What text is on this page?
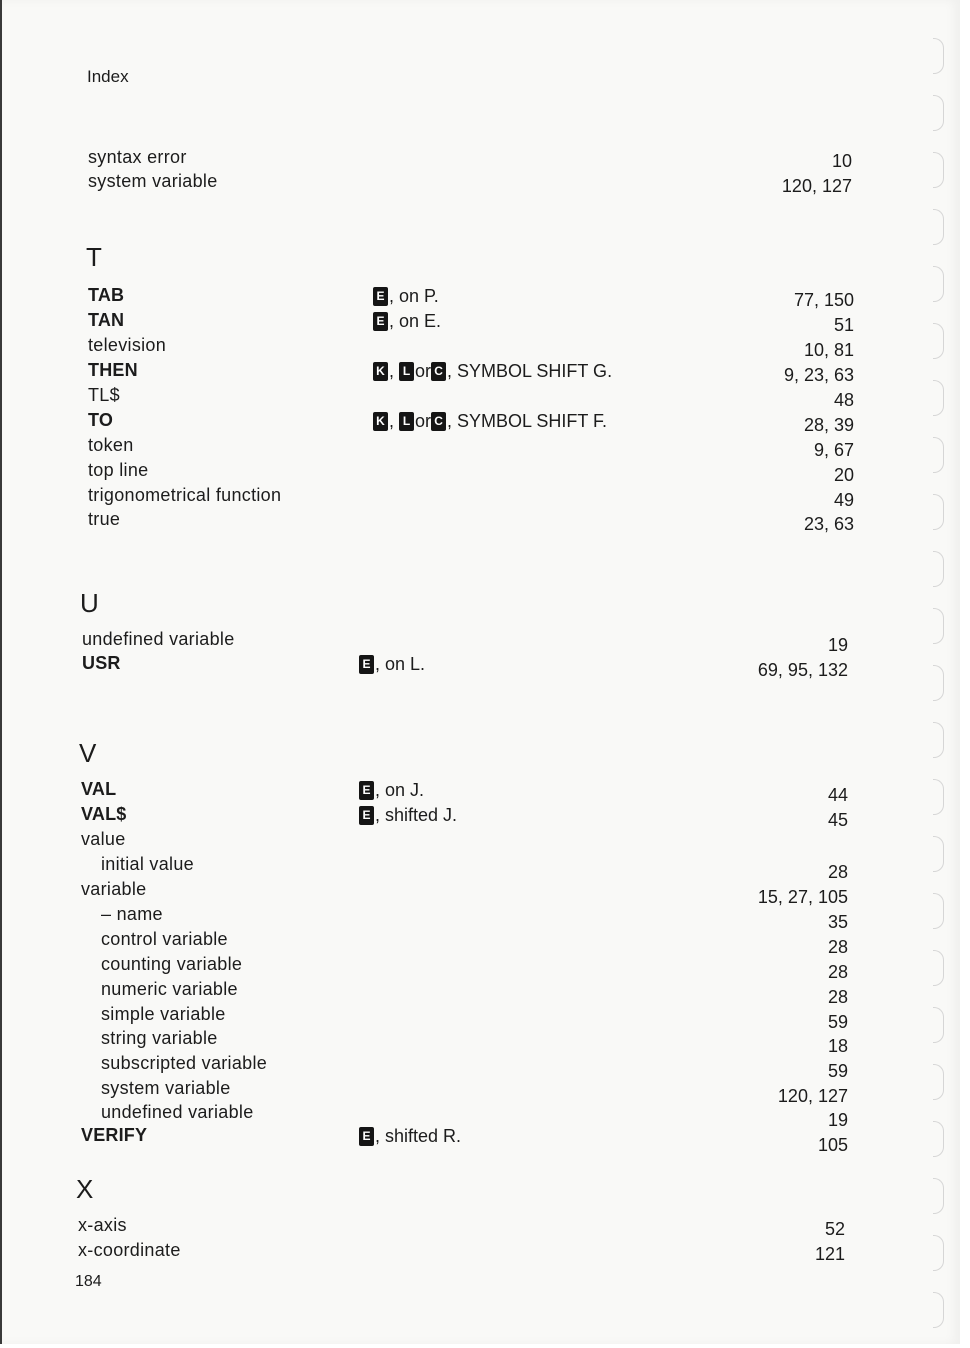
Index
syntax error	10
system variable	120, 127
T
TAB	E , on P.	77, 150
TAN	E , on E.	51
television	10, 81
THEN	K , L or C , SYMBOL SHIFT G.	9, 23, 63
TL$	48
TO	K , L or C , SYMBOL SHIFT F.	28, 39
token	9, 67
top line	20
trigonometrical function	49
true	23, 63
U
undefined variable	19
USR	E , on L.	69, 95, 132
V
VAL	E , on J.	44
VAL$	E , shifted J.	45
value
initial value	28
variable	15, 27, 105
– name	35
control variable	28
counting variable	28
numeric variable	28
simple variable	59
string variable	18
subscripted variable	59
system variable	120, 127
undefined variable	19
VERIFY	E , shifted R.	105
X
x-axis	52
x-coordinate	121
184
